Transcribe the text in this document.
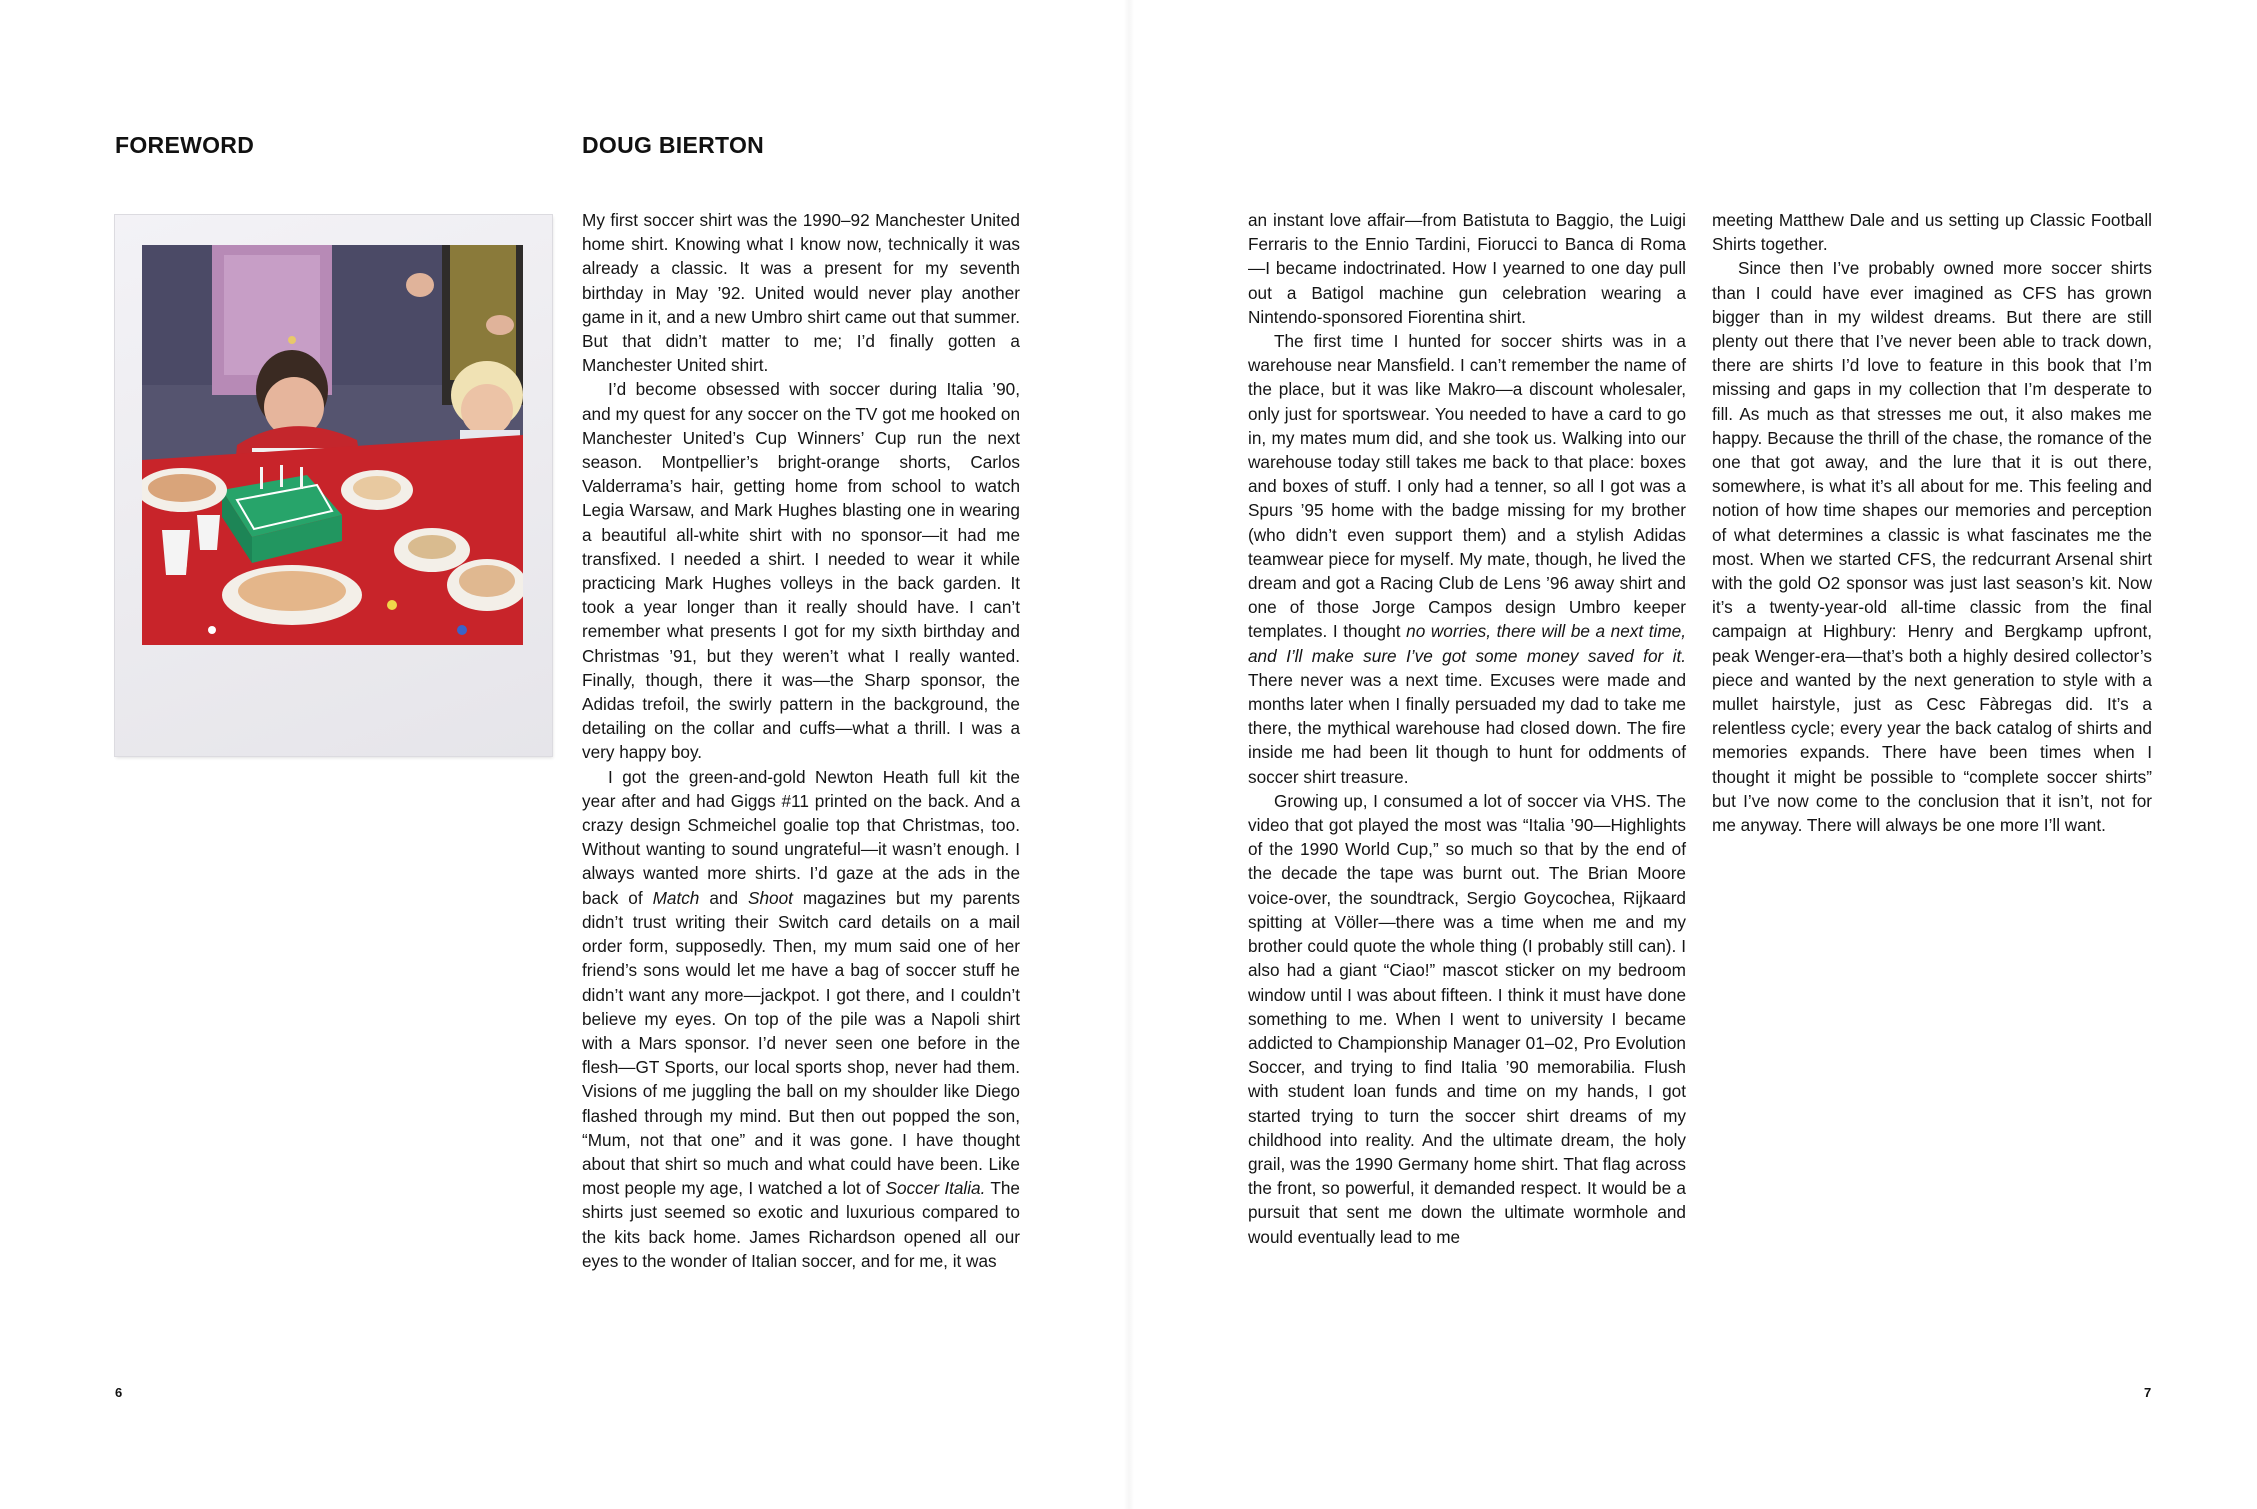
FOREWORD	DOUG BIERTON

My first soccer shirt was the 1990–92 Manchester United home shirt. Knowing what I know now, technically it was already a classic. It was a present for my seventh birthday in May ’92. United would never play another game in it, and a new Umbro shirt came out that summer. But that didn’t matter to me; I’d finally gotten a Manchester United shirt.

I’d become obsessed with soccer during Italia ’90, and my quest for any soccer on the TV got me hooked on Manchester United’s Cup Winners’ Cup run the next season. Montpellier’s bright-orange shorts, Carlos Valderrama’s hair, getting home from school to watch Legia Warsaw, and Mark Hughes blasting one in wearing a beautiful all-white shirt with no sponsor—it had me transfixed. I needed a shirt. I needed to wear it while practicing Mark Hughes volleys in the back garden. It took a year longer than it really should have. I can’t remember what presents I got for my sixth birthday and Christmas ’91, but they weren’t what I really wanted. Finally, though, there it was—the Sharp sponsor, the Adidas trefoil, the swirly pattern in the background, the detailing on the collar and cuffs—what a thrill. I was a very happy boy.

I got the green-and-gold Newton Heath full kit the year after and had Giggs #11 printed on the back. And a crazy design Schmeichel goalie top that Christmas, too. Without wanting to sound ungrateful—it wasn’t enough. I always wanted more shirts. I’d gaze at the ads in the back of Match and Shoot magazines but my parents didn’t trust writing their Switch card details on a mail order form, supposedly. Then, my mum said one of her friend’s sons would let me have a bag of soccer stuff he didn’t want any more—jackpot. I got there, and I couldn’t believe my eyes. On top of the pile was a Napoli shirt with a Mars sponsor. I’d never seen one before in the flesh—GT Sports, our local sports shop, never had them. Visions of me juggling the ball on my shoulder like Diego flashed through my mind. But then out popped the son, “Mum, not that one” and it was gone. I have thought about that shirt so much and what could have been. Like most people my age, I watched a lot of Soccer Italia. The shirts just seemed so exotic and luxurious compared to the kits back home. James Richardson opened all our eyes to the wonder of Italian soccer, and for me, it was

an instant love affair—from Batistuta to Baggio, the Luigi Ferraris to the Ennio Tardini, Fiorucci to Banca di Roma—I became indoctrinated. How I yearned to one day pull out a Batigol machine gun celebration wearing a Nintendo-sponsored Fiorentina shirt.

The first time I hunted for soccer shirts was in a warehouse near Mansfield. I can’t remember the name of the place, but it was like Makro—a discount wholesaler, only just for sportswear. You needed to have a card to go in, my mates mum did, and she took us. Walking into our warehouse today still takes me back to that place: boxes and boxes of stuff. I only had a tenner, so all I got was a Spurs ’95 home with the badge missing for my brother (who didn’t even support them) and a stylish Adidas teamwear piece for myself. My mate, though, he lived the dream and got a Racing Club de Lens ’96 away shirt and one of those Jorge Campos design Umbro keeper templates. I thought no worries, there will be a next time, and I’ll make sure I’ve got some money saved for it. There never was a next time. Excuses were made and months later when I finally persuaded my dad to take me there, the mythical warehouse had closed down. The fire inside me had been lit though to hunt for oddments of soccer shirt treasure.

Growing up, I consumed a lot of soccer via VHS. The video that got played the most was “Italia ’90—Highlights of the 1990 World Cup,” so much so that by the end of the decade the tape was burnt out. The Brian Moore voice-over, the soundtrack, Sergio Goycochea, Rijkaard spitting at Völler—there was a time when me and my brother could quote the whole thing (I probably still can). I also had a giant “Ciao!” mascot sticker on my bedroom window until I was about fifteen. I think it must have done something to me. When I went to university I became addicted to Championship Manager 01–02, Pro Evolution Soccer, and trying to find Italia ’90 memorabilia. Flush with student loan funds and time on my hands, I got started trying to turn the soccer shirt dreams of my childhood into reality. And the ultimate dream, the holy grail, was the 1990 Germany home shirt. That flag across the front, so powerful, it demanded respect. It would be a pursuit that sent me down the ultimate wormhole and would eventually lead to me

meeting Matthew Dale and us setting up Classic Football Shirts together.

Since then I’ve probably owned more soccer shirts than I could have ever imagined as CFS has grown bigger than in my wildest dreams. But there are still plenty out there that I’ve never been able to track down, there are shirts I’d love to feature in this book that I’m missing and gaps in my collection that I’m desperate to fill. As much as that stresses me out, it also makes me happy. Because the thrill of the chase, the romance of the one that got away, and the lure that it is out there, somewhere, is what it’s all about for me. This feeling and notion of how time shapes our memories and perception of what determines a classic is what fascinates me the most. When we started CFS, the redcurrant Arsenal shirt with the gold O2 sponsor was just last season’s kit. Now it’s a twenty-year-old all-time classic from the final campaign at Highbury: Henry and Bergkamp upfront, peak Wenger-era—that’s both a highly desired collector’s piece and wanted by the next generation to style with a mullet hairstyle, just as Cesc Fàbregas did. It’s a relentless cycle; every year the back catalog of shirts and memories expands. There have been times when I thought it might be possible to “complete soccer shirts” but I’ve now come to the conclusion that it isn’t, not for me anyway. There will always be one more I’ll want.

6	7
